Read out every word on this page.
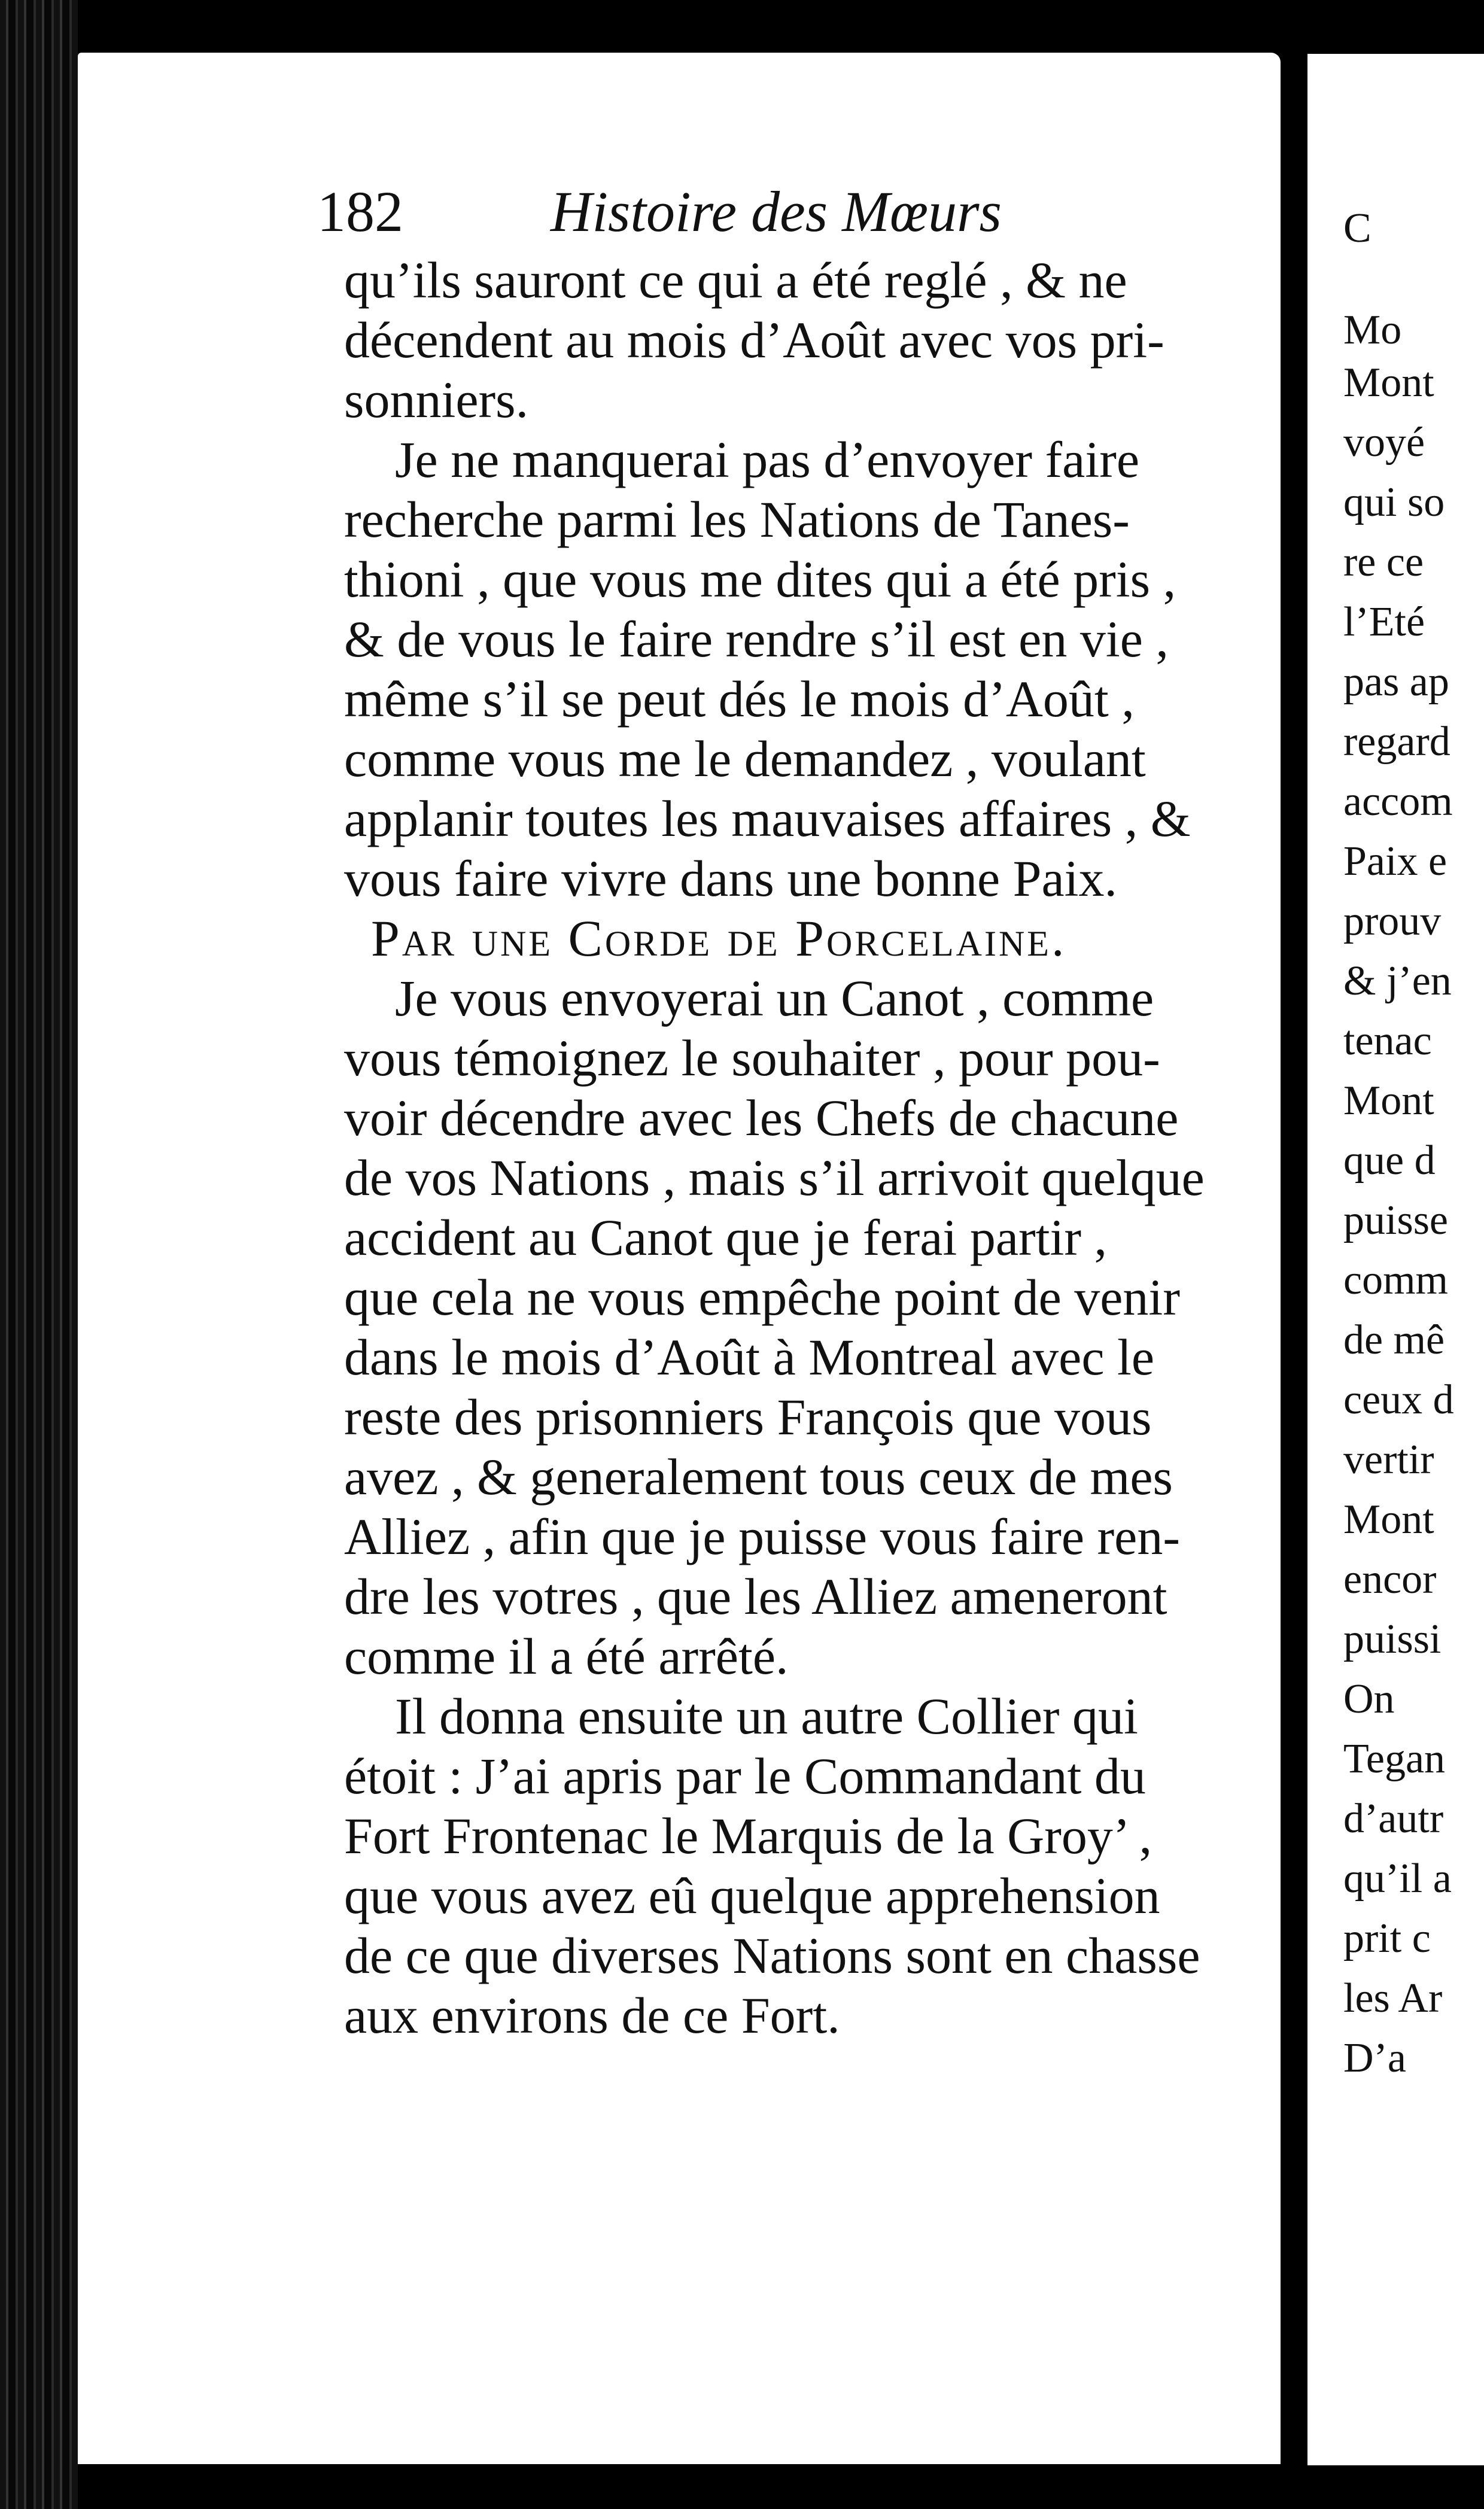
C
Mo
Mont
voyé
qui so
re ce
l’Eté
pas ap
regard
accom
Paix e
prouv
& j’en
tenac
Mont
que d
puisse
comm
de mê
ceux d
vertir
Mont
encor
puissi
On
Tegan
d’autr
qu’il a
prit c
les Ar
D’a
182	Histoire des Mœurs
qu’ils sauront ce qui a été reglé , & ne
décendent au mois d’Août avec vos pri-
sonniers.
Je ne manquerai pas d’envoyer faire
recherche parmi les Nations de Tanes-
thioni , que vous me dites qui a été pris ,
& de vous le faire rendre s’il est en vie ,
même s’il se peut dés le mois d’Août ,
comme vous me le demandez , voulant
applanir toutes les mauvaises affaires , &
vous faire vivre dans une bonne Paix.
Par une Corde de Porcelaine.
Je vous envoyerai un Canot , comme
vous témoignez le souhaiter , pour pou-
voir décendre avec les Chefs de chacune
de vos Nations , mais s’il arrivoit quelque
accident au Canot que je ferai partir ,
que cela ne vous empêche point de venir
dans le mois d’Août à Montreal avec le
reste des prisonniers François que vous
avez , & generalement tous ceux de mes
Alliez , afin que je puisse vous faire ren-
dre les votres , que les Alliez ameneront
comme il a été arrêté.
Il donna ensuite un autre Collier qui
étoit : J’ai apris par le Commandant du
Fort Frontenac le Marquis de la Groy’ ,
que vous avez eû quelque apprehension
de ce que diverses Nations sont en chasse
aux environs de ce Fort.
